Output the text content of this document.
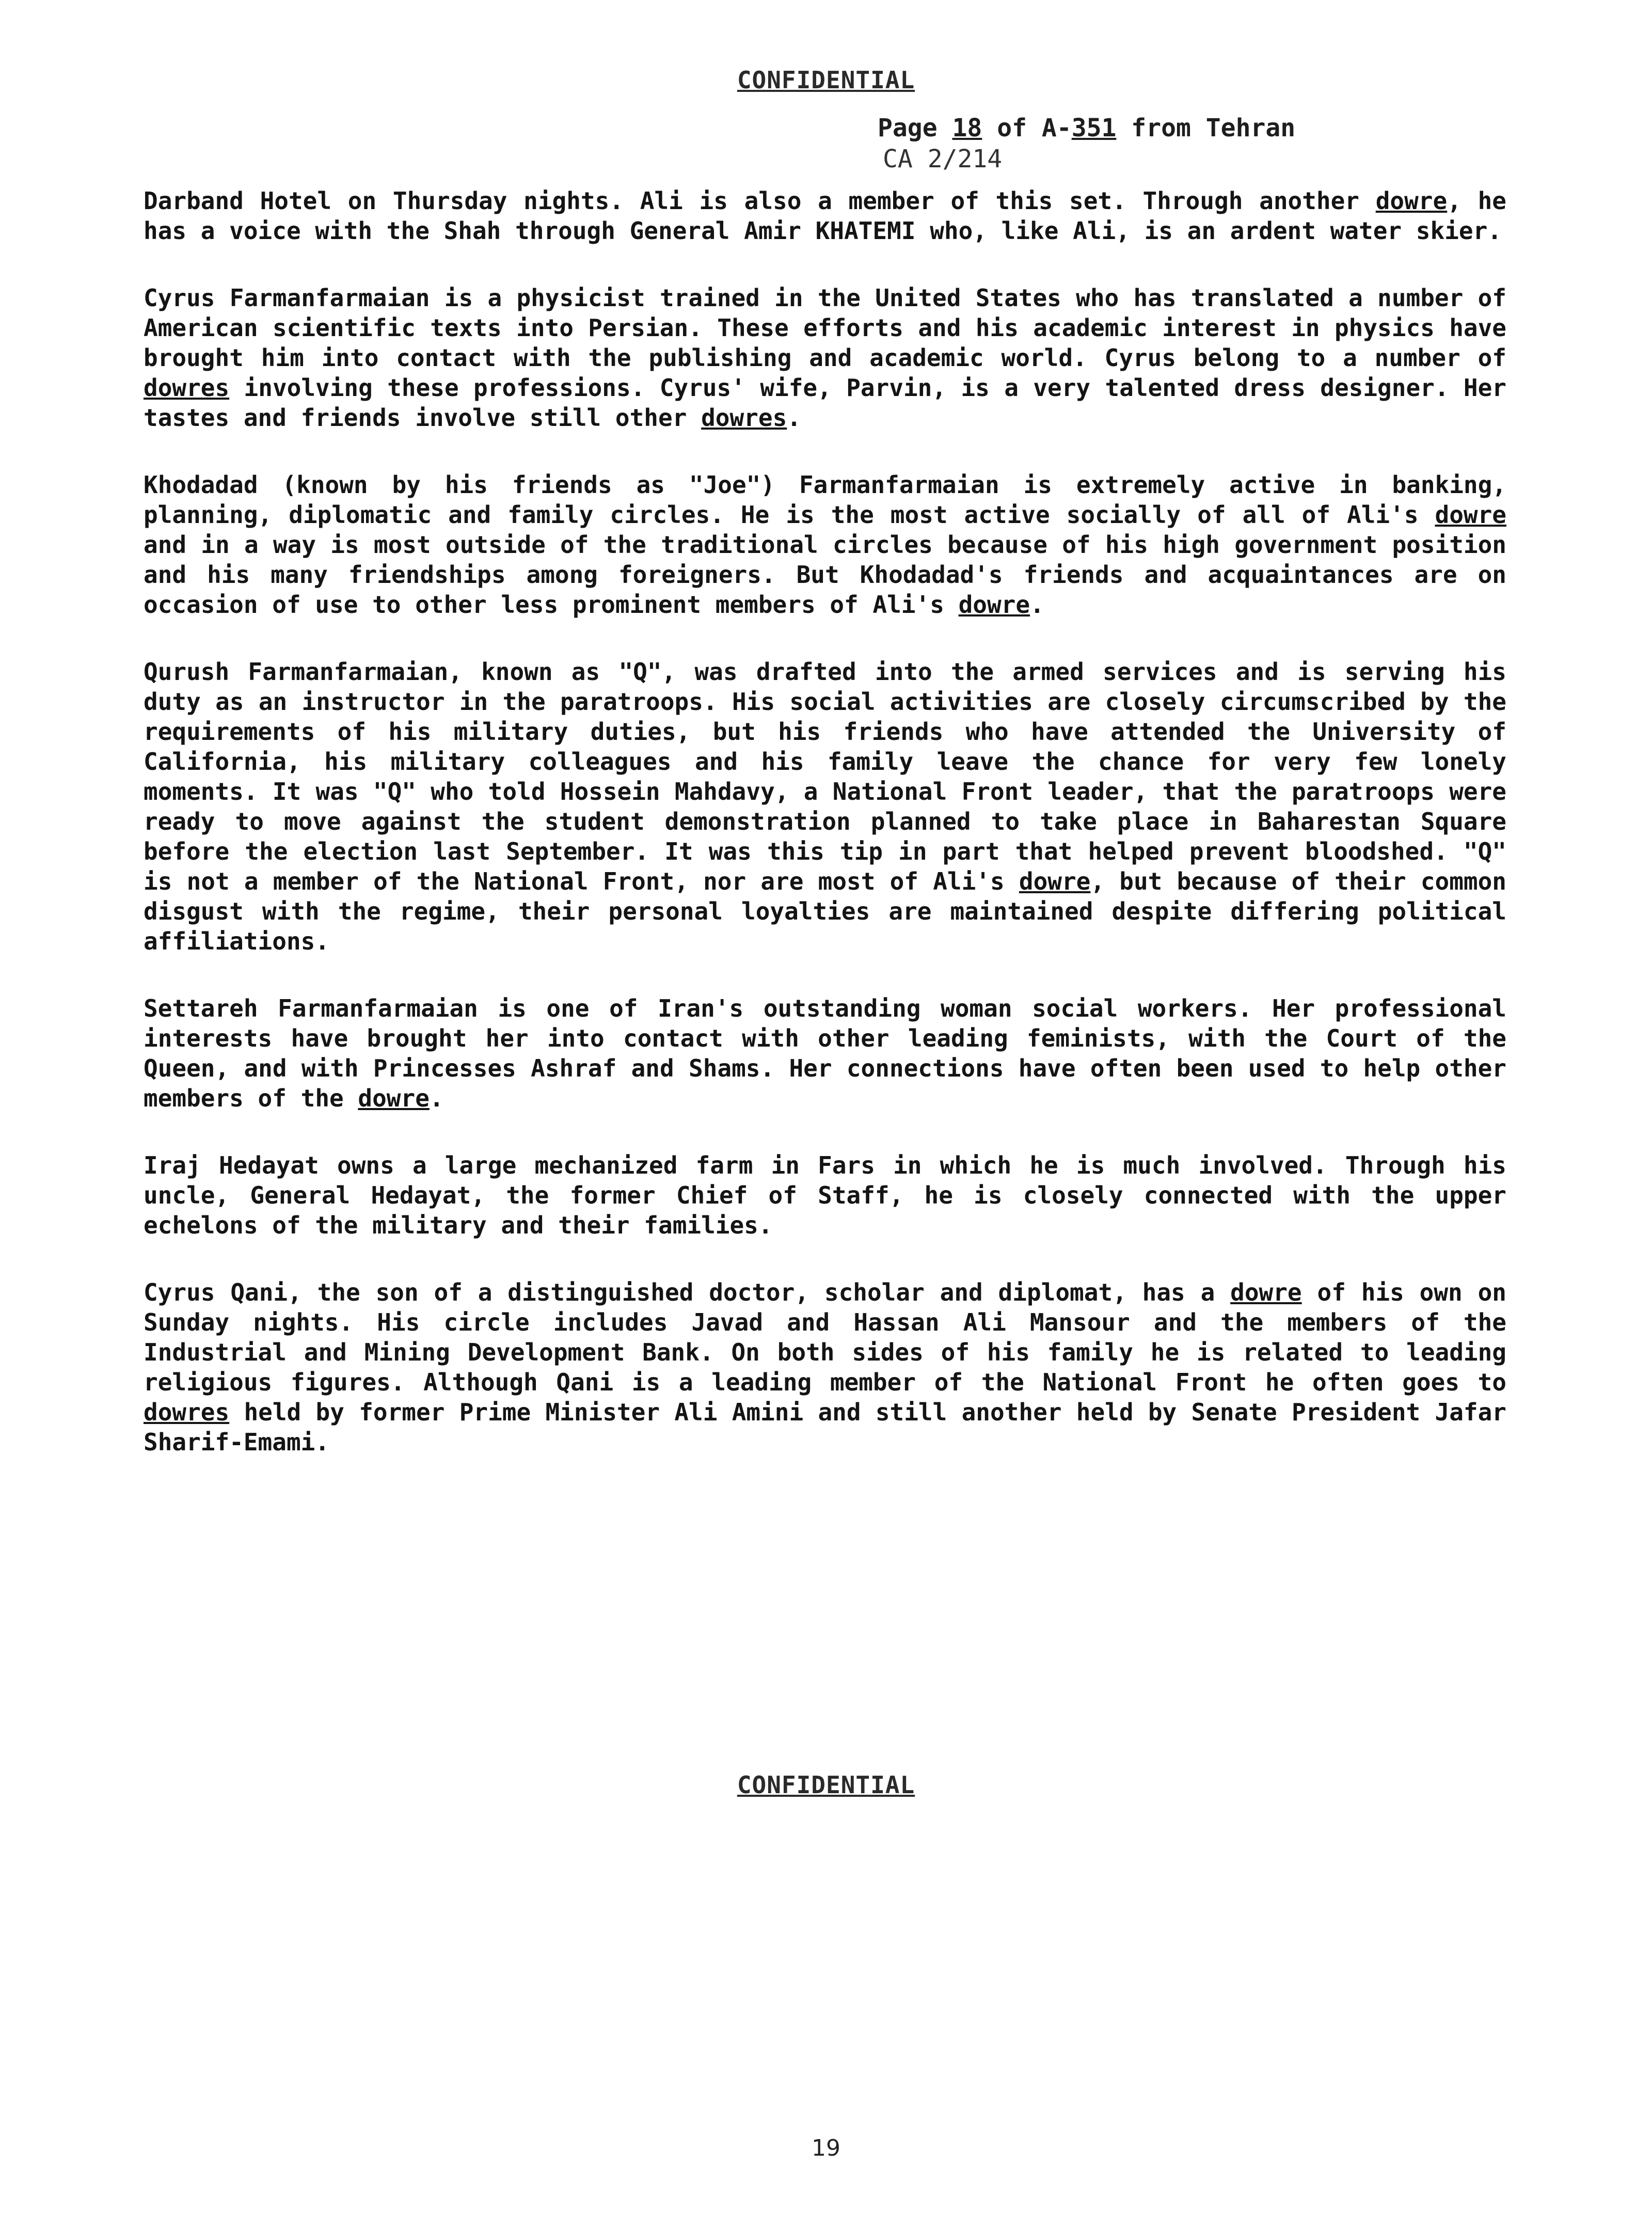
CONFIDENTIAL
Page 18 of A-351 from Tehran
CA 2/214

Darband Hotel on Thursday nights. Ali is also a member of this set. Through another dowre, he has a voice with the Shah through General Amir KHATEMI who, like Ali, is an ardent water skier.

Cyrus Farmanfarmaian is a physicist trained in the United States who has translated a number of American scientific texts into Persian. These efforts and his academic interest in physics have brought him into contact with the publishing and academic world. Cyrus belong to a number of dowres involving these professions. Cyrus' wife, Parvin, is a very talented dress designer. Her tastes and friends involve still other dowres.

Khodadad (known by his friends as "Joe") Farmanfarmaian is extremely active in banking, planning, diplomatic and family circles. He is the most active socially of all of Ali's dowre and in a way is most outside of the traditional circles because of his high government position and his many friendships among foreigners. But Khodadad's friends and acquaintances are on occasion of use to other less prominent members of Ali's dowre.

Qurush Farmanfarmaian, known as "Q", was drafted into the armed services and is serving his duty as an instructor in the paratroops. His social activities are closely circumscribed by the requirements of his military duties, but his friends who have attended the University of California, his military colleagues and his family leave the chance for very few lonely moments. It was "Q" who told Hossein Mahdavy, a National Front leader, that the paratroops were ready to move against the student demonstration planned to take place in Baharestan Square before the election last September. It was this tip in part that helped prevent bloodshed. "Q" is not a member of the National Front, nor are most of Ali's dowre, but because of their common disgust with the regime, their personal loyalties are maintained despite differing political affiliations.

Settareh Farmanfarmaian is one of Iran's outstanding woman social workers. Her professional interests have brought her into contact with other leading feminists, with the Court of the Queen, and with Princesses Ashraf and Shams. Her connections have often been used to help other members of the dowre.

Iraj Hedayat owns a large mechanized farm in Fars in which he is much involved. Through his uncle, General Hedayat, the former Chief of Staff, he is closely connected with the upper echelons of the military and their families.

Cyrus Qani, the son of a distinguished doctor, scholar and diplomat, has a dowre of his own on Sunday nights. His circle includes Javad and Hassan Ali Mansour and the members of the Industrial and Mining Development Bank. On both sides of his family he is related to leading religious figures. Although Qani is a leading member of the National Front he often goes to dowres held by former Prime Minister Ali Amini and still another held by Senate President Jafar Sharif-Emami.

CONFIDENTIAL
19
